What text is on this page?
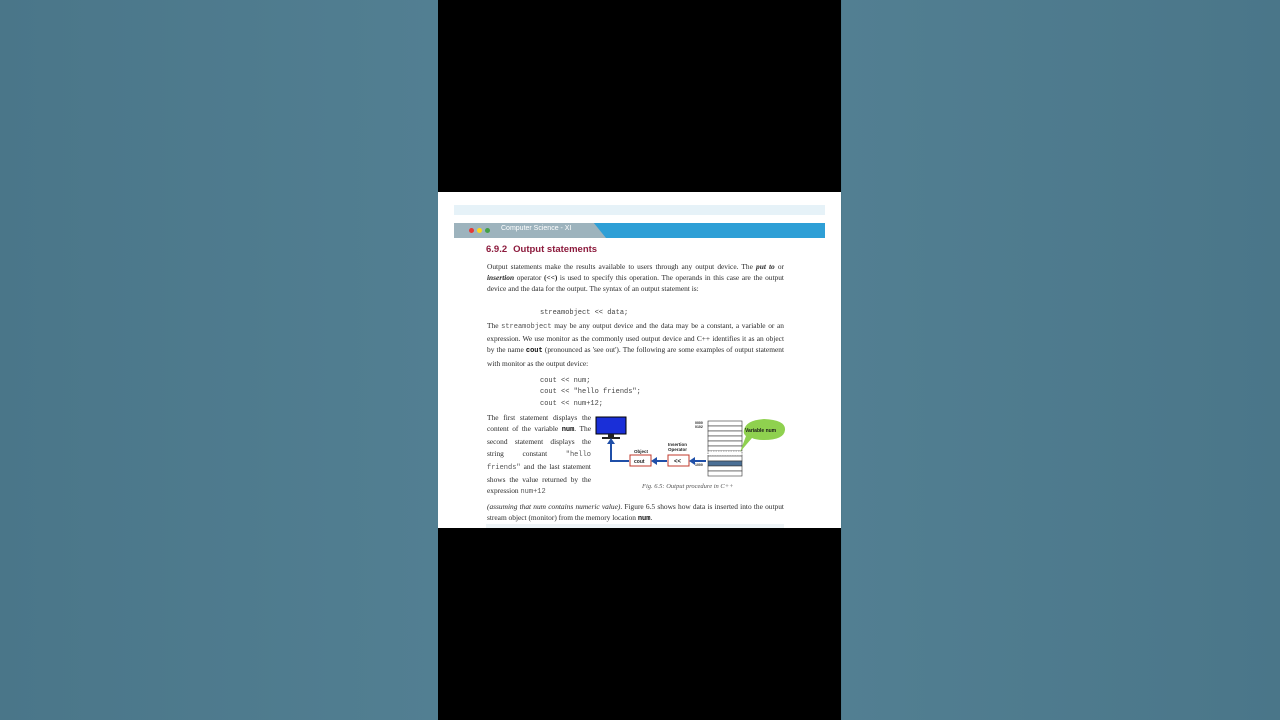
Computer Science - XI
6.9.2 Output statements
Output statements make the results available to users through any output device. The put to or insertion operator (<<) is used to specify this operation. The operands in this case are the output device and the data for the output. The syntax of an output statement is:
streamobject << data;
The streamobject may be any output device and the data may be a constant, a variable or an expression. We use monitor as the commonly used output device and C++ identifies it as an object by the name cout (pronounced as 'see out'). The following are some examples of output statement with monitor as the output device:
cout << num;
cout << "hello friends";
cout << num+12;
The first statement displays the content of the variable num. The second statement displays the string constant "hello friends" and the last statement shows the value returned by the expression num+12
Object
cout
Insertion
Operator
<<
0000
0102
1000
Variable num
Fig. 6.5: Output procedure in C++
(assuming that num contains numeric value). Figure 6.5 shows how data is inserted into the output stream object (monitor) from the memory location num.
